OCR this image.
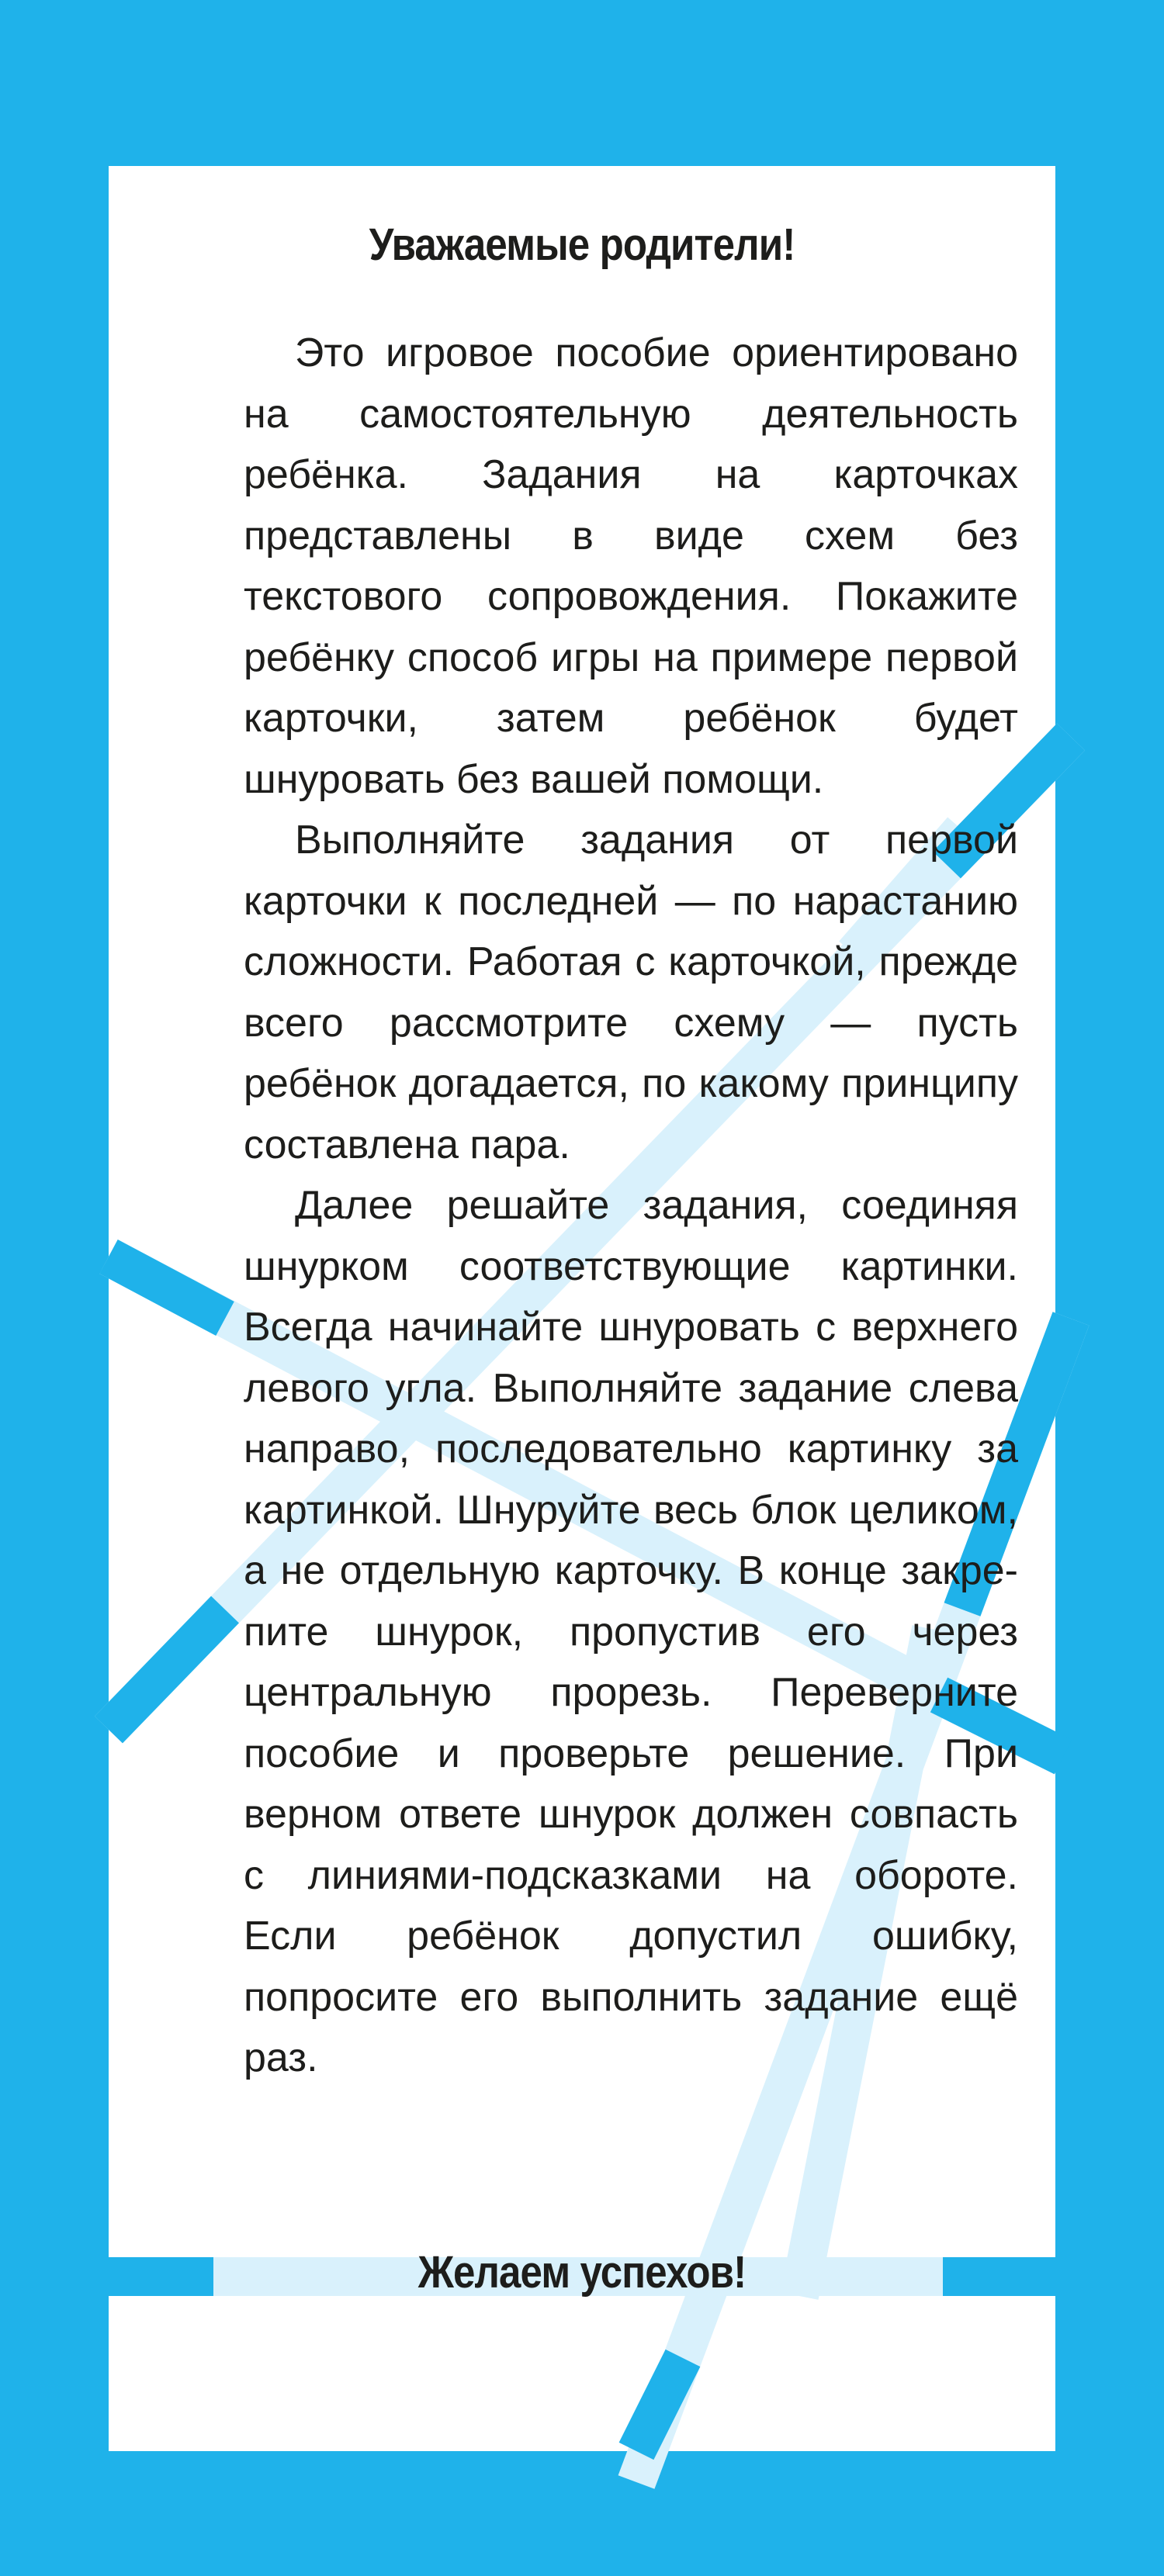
Уважаемые родители!

Это игровое пособие ориентировано на самостоятельную деятельность ребёнка. Задания на карточках представлены в виде схем без текстового сопровождения. Покажите ребёнку способ игры на примере первой карточки, затем ребёнок будет шнуровать без вашей помощи.

Выполняйте задания от первой карточки к последней — по нарастанию сложности. Работая с карточкой, прежде всего рассмотрите схему — пусть ребёнок догадается, по какому принципу составлена пара.

Далее решайте задания, соединяя шнурком соответствующие картинки. Всегда начинайте шнуровать с верхнего левого угла. Выполняйте задание слева направо, последовательно картинку за картинкой. Шнуруйте весь блок целиком, а не отдельную карточку. В конце закрепите шнурок, пропустив его через центральную прорезь. Переверните пособие и проверьте решение. При верном ответе шнурок должен совпасть с линиями-подсказками на обороте. Если ребёнок допустил ошибку, попросите его выполнить задание ещё раз.

Желаем успехов!
